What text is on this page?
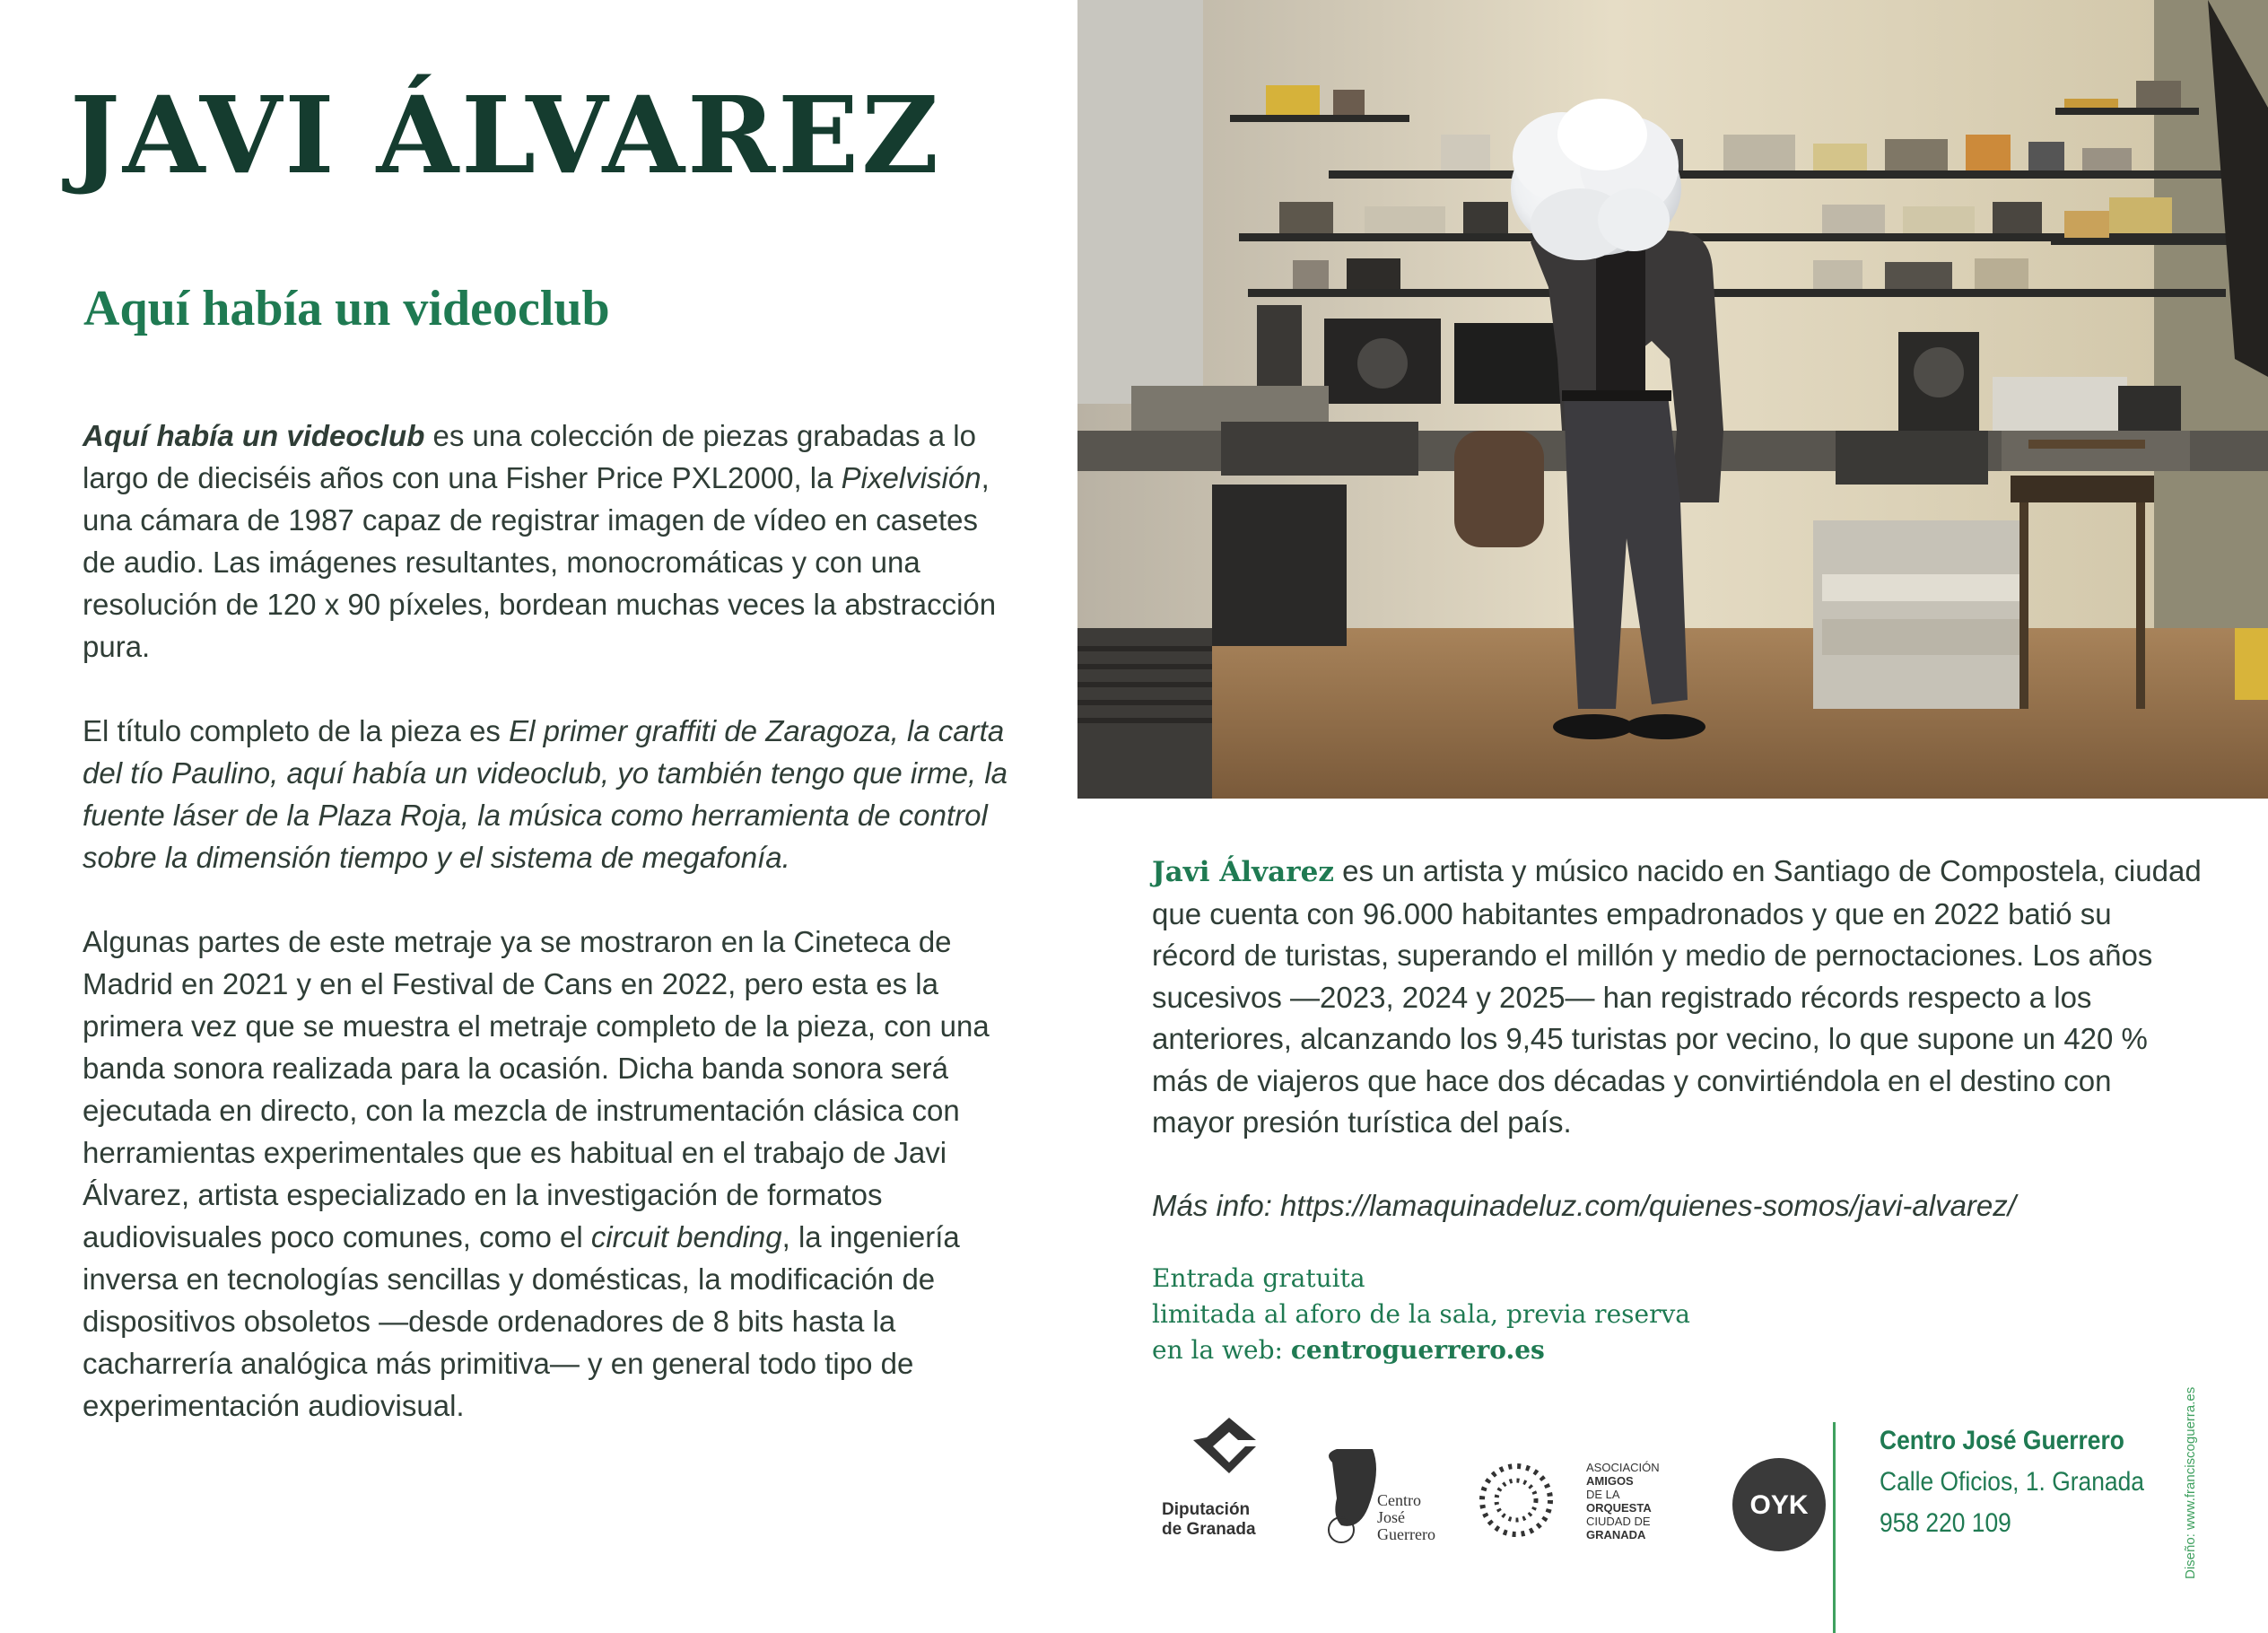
JAVI ÁLVAREZ
Aquí había un videoclub

Aquí había un videoclub es una colección de piezas grabadas a lo largo de dieciséis años con una Fisher Price PXL2000, la Pixelvisión, una cámara de 1987 capaz de registrar imagen de vídeo en casetes de audio. Las imágenes resultantes, monocromáticas y con una resolución de 120 x 90 píxeles, bordean muchas veces la abstracción pura.

El título completo de la pieza es El primer graffiti de Zaragoza, la carta del tío Paulino, aquí había un videoclub, yo también tengo que irme, la fuente láser de la Plaza Roja, la música como herramienta de control sobre la dimensión tiempo y el sistema de megafonía.

Algunas partes de este metraje ya se mostraron en la Cineteca de Madrid en 2021 y en el Festival de Cans en 2022, pero esta es la primera vez que se muestra el metraje completo de la pieza, con una banda sonora realizada para la ocasión. Dicha banda sonora será ejecutada en directo, con la mezcla de instrumentación clásica con herramientas experimentales que es habitual en el trabajo de Javi Álvarez, artista especializado en la investigación de formatos audiovisuales poco comunes, como el circuit bending, la ingeniería inversa en tecnologías sencillas y domésticas, la modificación de dispositivos obsoletos —desde ordenadores de 8 bits hasta la cacharrería analógica más primitiva— y en general todo tipo de experimentación audiovisual.

Javi Álvarez es un artista y músico nacido en Santiago de Compostela, ciudad que cuenta con 96.000 habitantes empadronados y que en 2022 batió su récord de turistas, superando el millón y medio de pernoctaciones. Los años sucesivos —2023, 2024 y 2025— han registrado récords respecto a los anteriores, alcanzando los 9,45 turistas por vecino, lo que supone un 420 % más de viajeros que hace dos décadas y convirtiéndola en el destino con mayor presión turística del país.

Más info: https://lamaquinadeluz.com/quienes-somos/javi-alvarez/

Entrada gratuita
limitada al aforo de la sala, previa reserva
en la web: centroguerrero.es
Diputación
de Granada
Centro
José
Guerrero
ASOCIACIÓN
AMIGOS
DE LA
ORQUESTA
CIUDAD DE
GRANADA
OYK
Centro José Guerrero
Calle Oficios, 1. Granada
958 220 109	Diseño: www.franciscoguerra.es
